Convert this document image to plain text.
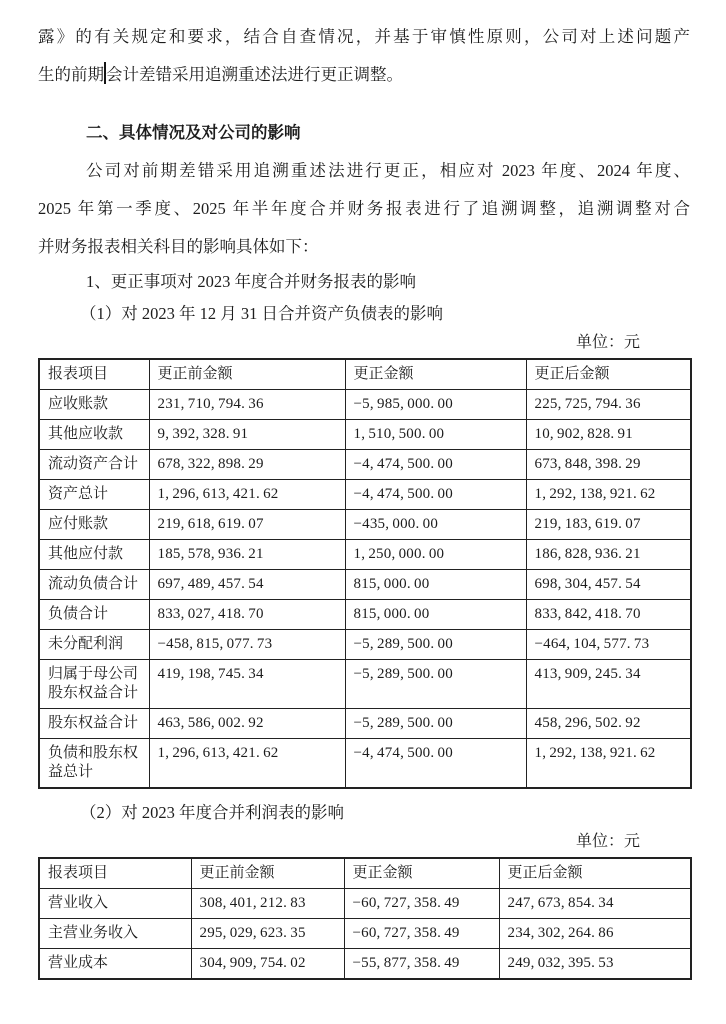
露》的有关规定和要求，结合自查情况，并基于审慎性原则，公司对上述问题产
生的前期 会计差错采用追溯重述法进行更正调整。

二、具体情况及对公司的影响

公司对前期差错采用追溯重述法进行更正，相应对 2023 年度、2024 年度、
2025 年第一季度、2025 年半年度合并财务报表进行了追溯调整，追溯调整对合
并财务报表相关科目的影响具体如下：

1、更正事项对 2023 年度合并财务报表的影响
（1）对 2023 年 12 月 31 日合并资产负债表的影响
单位：元
报表项目	更正前金额	更正金额	更正后金额
应收账款	231, 710, 794. 36	−5, 985, 000. 00	225, 725, 794. 36
其他应收款	9, 392, 328. 91	1, 510, 500. 00	10, 902, 828. 91
流动资产合计	678, 322, 898. 29	−4, 474, 500. 00	673, 848, 398. 29
资产总计	1, 296, 613, 421. 62	−4, 474, 500. 00	1, 292, 138, 921. 62
应付账款	219, 618, 619. 07	−435, 000. 00	219, 183, 619. 07
其他应付款	185, 578, 936. 21	1, 250, 000. 00	186, 828, 936. 21
流动负债合计	697, 489, 457. 54	815, 000. 00	698, 304, 457. 54
负债合计	833, 027, 418. 70	815, 000. 00	833, 842, 418. 70
未分配利润	−458, 815, 077. 73	−5, 289, 500. 00	−464, 104, 577. 73
归属于母公司股东权益合计	419, 198, 745. 34	−5, 289, 500. 00	413, 909, 245. 34
股东权益合计	463, 586, 002. 92	−5, 289, 500. 00	458, 296, 502. 92
负债和股东权益总计	1, 296, 613, 421. 62	−4, 474, 500. 00	1, 292, 138, 921. 62
（2）对 2023 年度合并利润表的影响
单位：元
报表项目	更正前金额	更正金额	更正后金额
营业收入	308, 401, 212. 83	−60, 727, 358. 49	247, 673, 854. 34
主营业务收入	295, 029, 623. 35	−60, 727, 358. 49	234, 302, 264. 86
营业成本	304, 909, 754. 02	−55, 877, 358. 49	249, 032, 395. 53
